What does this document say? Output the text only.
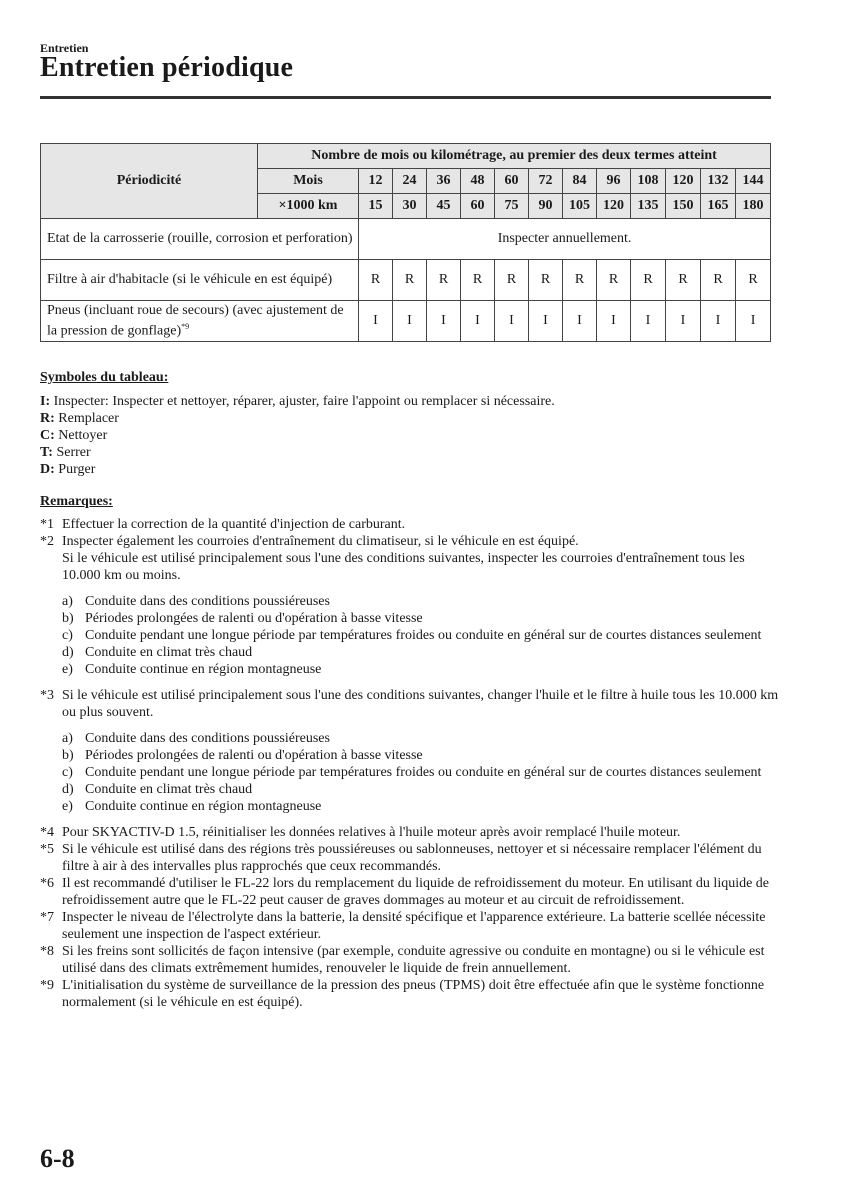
Entretien
Entretien périodique
Périodicité	Nombre de mois ou kilométrage, au premier des deux termes atteint												
	Mois	12	24	36	48	60	72	84	96	108	120	132	144
	×1000 km	15	30	45	60	75	90	105	120	135	150	165	180
Etat de la carrosserie (rouille, corrosion et perforation)		Inspecter annuellement.											
Filtre à air d'habitacle (si le véhicule en est équipé)		R	R	R	R	R	R	R	R	R	R	R	R
Pneus (incluant roue de secours) (avec ajustement de la pression de gonflage)$^{*9}$		I	I	I	I	I	I	I	I	I	I	I	I
Symboles du tableau:
I: Inspecter: Inspecter et nettoyer, réparer, ajuster, faire l'appoint ou remplacer si nécessaire.
R: Remplacer
C: Nettoyer
T: Serrer
D: Purger
Remarques:
*1 Effectuer la correction de la quantité d'injection de carburant.
*2 Inspecter également les courroies d'entraînement du climatiseur, si le véhicule en est équipé.
Si le véhicule est utilisé principalement sous l'une des conditions suivantes, inspecter les courroies d'entraînement tous les 10.000 km ou moins.
a) Conduite dans des conditions poussiéreuses
b) Périodes prolongées de ralenti ou d'opération à basse vitesse
c) Conduite pendant une longue période par températures froides ou conduite en général sur de courtes distances seulement
d) Conduite en climat très chaud
e) Conduite continue en région montagneuse
*3 Si le véhicule est utilisé principalement sous l'une des conditions suivantes, changer l'huile et le filtre à huile tous les 10.000 km ou plus souvent.
a) Conduite dans des conditions poussiéreuses
b) Périodes prolongées de ralenti ou d'opération à basse vitesse
c) Conduite pendant une longue période par températures froides ou conduite en général sur de courtes distances seulement
d) Conduite en climat très chaud
e) Conduite continue en région montagneuse
*4 Pour SKYACTIV-D 1.5, réinitialiser les données relatives à l'huile moteur après avoir remplacé l'huile moteur.
*5 Si le véhicule est utilisé dans des régions très poussiéreuses ou sablonneuses, nettoyer et si nécessaire remplacer l'élément du filtre à air à des intervalles plus rapprochés que ceux recommandés.
*6 Il est recommandé d'utiliser le FL-22 lors du remplacement du liquide de refroidissement du moteur. En utilisant du liquide de refroidissement autre que le FL-22 peut causer de graves dommages au moteur et au circuit de refroidissement.
*7 Inspecter le niveau de l'électrolyte dans la batterie, la densité spécifique et l'apparence extérieure. La batterie scellée nécessite seulement une inspection de l'aspect extérieur.
*8 Si les freins sont sollicités de façon intensive (par exemple, conduite agressive ou conduite en montagne) ou si le véhicule est utilisé dans des climats extrêmement humides, renouveler le liquide de frein annuellement.
*9 L'initialisation du système de surveillance de la pression des pneus (TPMS) doit être effectuée afin que le système fonctionne normalement (si le véhicule en est équipé).
6-8
